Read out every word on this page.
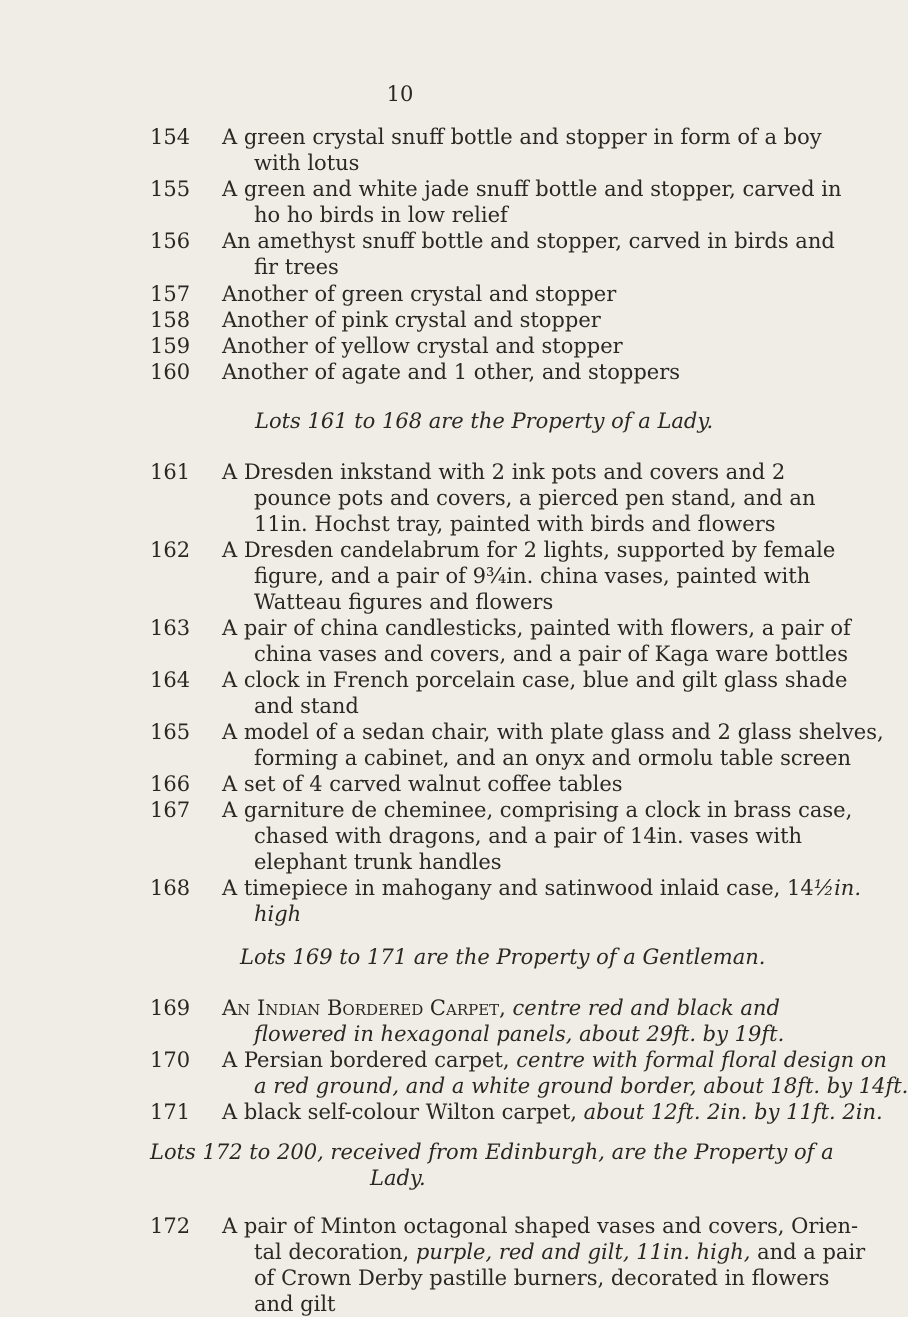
10
154 A green crystal snuff bottle and stopper in form of a boy
with lotus
155 A green and white jade snuff bottle and stopper, carved in
ho ho birds in low relief
156 An amethyst snuff bottle and stopper, carved in birds and
fir trees
157 Another of green crystal and stopper
158 Another of pink crystal and stopper
159 Another of yellow crystal and stopper
160 Another of agate and 1 other, and stoppers
Lots 161 to 168 are the Property of a Lady.
161 A Dresden inkstand with 2 ink pots and covers and 2
pounce pots and covers, a pierced pen stand, and an
11in. Hochst tray, painted with birds and flowers
162 A Dresden candelabrum for 2 lights, supported by female
figure, and a pair of 9¾in. china vases, painted with
Watteau figures and flowers
163 A pair of china candlesticks, painted with flowers, a pair of
china vases and covers, and a pair of Kaga ware bottles
164 A clock in French porcelain case, blue and gilt glass shade
and stand
165 A model of a sedan chair, with plate glass and 2 glass shelves,
forming a cabinet, and an onyx and ormolu table screen
166 A set of 4 carved walnut coffee tables
167 A garniture de cheminee, comprising a clock in brass case,
chased with dragons, and a pair of 14in. vases with
elephant trunk handles
168 A timepiece in mahogany and satinwood inlaid case, 14½in.
high
Lots 169 to 171 are the Property of a Gentleman.
169 An Indian Bordered Carpet, centre red and black and
flowered in hexagonal panels, about 29ft. by 19ft.
170 A Persian bordered carpet, centre with formal floral design on
a red ground, and a white ground border, about 18ft. by 14ft.
171 A black self-colour Wilton carpet, about 12ft. 2in. by 11ft. 2in.
Lots 172 to 200, received from Edinburgh, are the Property of a
Lady.
172 A pair of Minton octagonal shaped vases and covers, Orien-
tal decoration, purple, red and gilt, 11in. high, and a pair
of Crown Derby pastille burners, decorated in flowers
and gilt
